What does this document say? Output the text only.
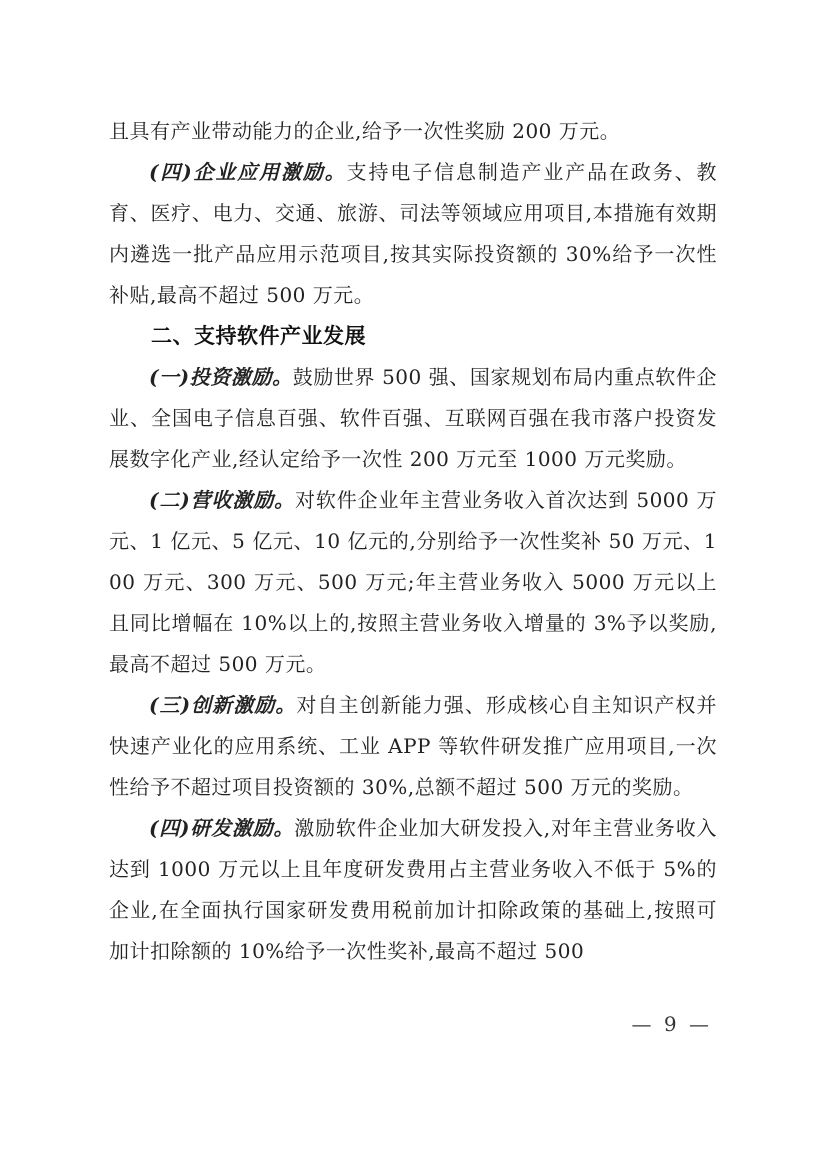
且具有产业带动能力的企业,给予一次性奖励 200 万元。

(四)企业应用激励。支持电子信息制造产业产品在政务、教育、医疗、电力、交通、旅游、司法等领域应用项目,本措施有效期内遴选一批产品应用示范项目,按其实际投资额的 30%给予一次性补贴,最高不超过 500 万元。

二、支持软件产业发展

(一)投资激励。鼓励世界 500 强、国家规划布局内重点软件企业、全国电子信息百强、软件百强、互联网百强在我市落户投资发展数字化产业,经认定给予一次性 200 万元至 1000 万元奖励。

(二)营收激励。对软件企业年主营业务收入首次达到 5000 万元、1 亿元、5 亿元、10 亿元的,分别给予一次性奖补 50 万元、100 万元、300 万元、500 万元;年主营业务收入 5000 万元以上且同比增幅在 10%以上的,按照主营业务收入增量的 3%予以奖励,最高不超过 500 万元。

(三)创新激励。对自主创新能力强、形成核心自主知识产权并快速产业化的应用系统、工业 APP 等软件研发推广应用项目,一次性给予不超过项目投资额的 30%,总额不超过 500 万元的奖励。

(四)研发激励。激励软件企业加大研发投入,对年主营业务收入达到 1000 万元以上且年度研发费用占主营业务收入不低于 5%的企业,在全面执行国家研发费用税前加计扣除政策的基础上,按照可加计扣除额的 10%给予一次性奖补,最高不超过 500

— 9 —
